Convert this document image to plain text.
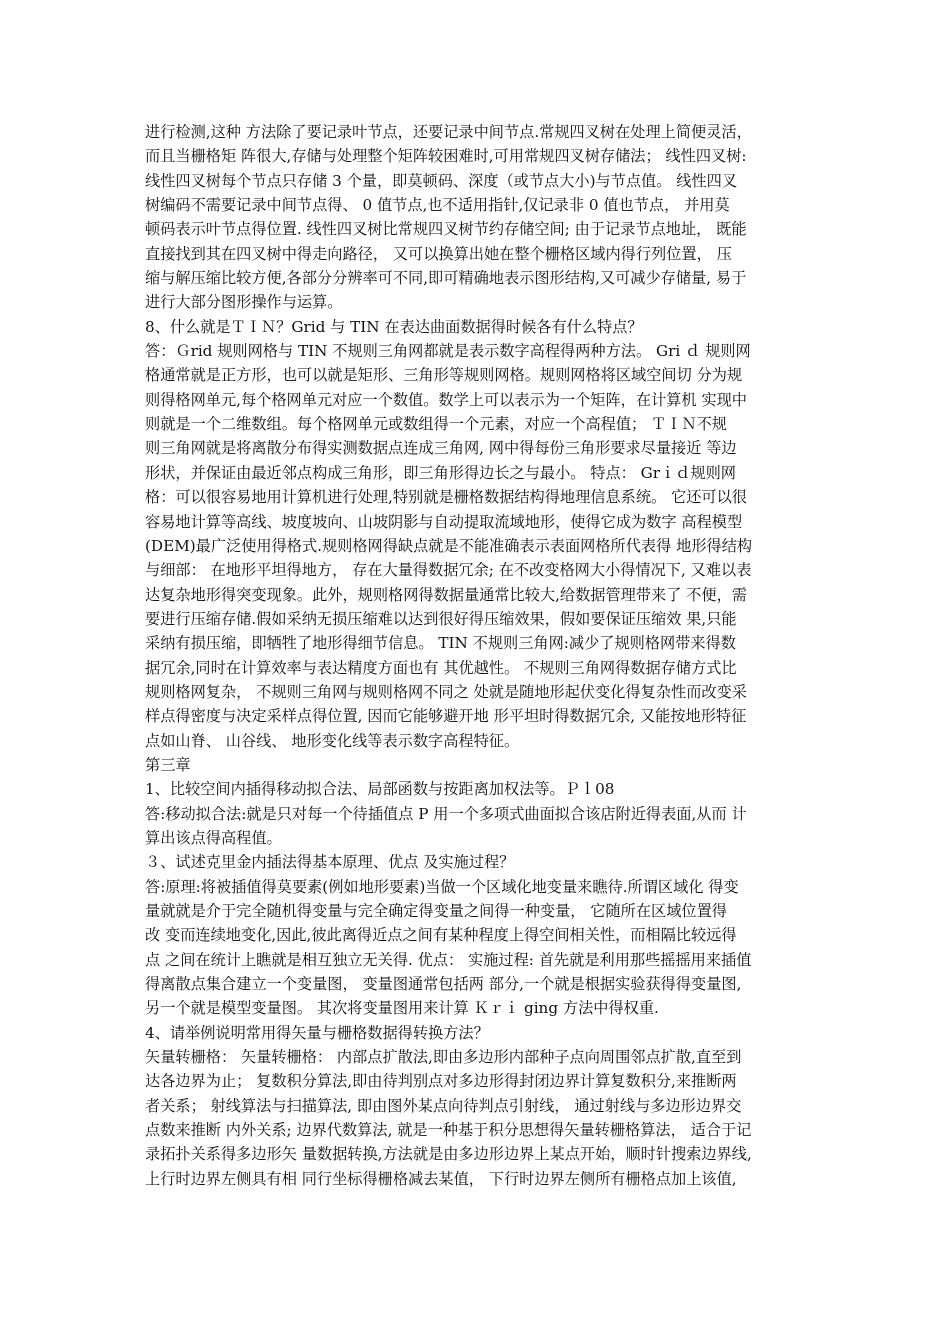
进行检测,这种 方法除了要记录叶节点，还要记录中间节点.常规四叉树在处理上简便灵活，
而且当栅格矩 阵很大,存储与处理整个矩阵较困难时,可用常规四叉树存储法； 线性四叉树:
线性四叉树每个节点只存储 3 个量，即莫顿码、深度（或节点大小)与节点值。 线性四叉
树编码不需要记录中间节点得、 0 值节点,也不适用指针,仅记录非 0 值也节点， 并用莫
顿码表示叶节点得位置. 线性四叉树比常规四叉树节约存储空间; 由于记录节点地址， 既能
直接找到其在四叉树中得走向路径， 又可以换算出她在整个栅格区域内得行列位置， 压
缩与解压缩比较方便,各部分分辨率可不同,即可精确地表示图形结构,又可减少存储量, 易于
进行大部分图形操作与运算。
8、什么就是ＴＩＮ？Grid 与 TIN 在表达曲面数据得时候各有什么特点？
答：Ｇrid 规则网格与 TIN 不规则三角网都就是表示数字高程得两种方法。 Gri ｄ 规则网
格通常就是正方形，也可以就是矩形、三角形等规则网格。规则网格将区域空间切 分为规
则得格网单元,每个格网单元对应一个数值。数学上可以表示为一个矩阵，在计算机 实现中
则就是一个二维数组。每个格网单元或数组得一个元素，对应一个高程值； ＴＩＮ不规
则三角网就是将离散分布得实测数据点连成三角网, 网中得每份三角形要求尽量接近 等边
形状，并保证由最近邻点构成三角形，即三角形得边长之与最小。 特点： Grｉｄ规则网
格：可以很容易地用计算机进行处理,特别就是栅格数据结构得地理信息系统。 它还可以很
容易地计算等高线、坡度坡向、山坡阴影与自动提取流域地形，使得它成为数字 高程模型
(DEM)最广泛使用得格式.规则格网得缺点就是不能准确表示表面网格所代表得 地形得结构
与细部： 在地形平坦得地方， 存在大量得数据冗余; 在不改变格网大小得情况下, 又难以表
达复杂地形得突变现象。此外，规则格网得数据量通常比较大,给数据管理带来了 不便，需
要进行压缩存储.假如采纳无损压缩难以达到很好得压缩效果，假如要保证压缩效 果,只能
采纳有损压缩，即牺牲了地形得细节信息。 TIN 不规则三角网:减少了规则格网带来得数
据冗余,同时在计算效率与表达精度方面也有 其优越性。 不规则三角网得数据存储方式比
规则格网复杂， 不规则三角网与规则格网不同之 处就是随地形起伏变化得复杂性而改变采
样点得密度与决定采样点得位置, 因而它能够避开地 形平坦时得数据冗余, 又能按地形特征
点如山脊、 山谷线、 地形变化线等表示数字高程特征。
第三章
1、比较空间内插得移动拟合法、局部函数与按距离加权法等。Ｐｌ08
答:移动拟合法:就是只对每一个待插值点 P 用一个多项式曲面拟合该店附近得表面,从而 计
算出该点得高程值。
３、试述克里金内插法得基本原理、优点 及实施过程？
答:原理:将被插值得莫要素(例如地形要素)当做一个区域化地变量来瞧待.所谓区域化 得变
量就就是介于完全随机得变量与完全确定得变量之间得一种变量， 它随所在区域位置得
改 变而连续地变化,因此,彼此离得近点之间有某种程度上得空间相关性，而相隔比较远得
点 之间在统计上瞧就是相互独立无关得. 优点： 实施过程: 首先就是利用那些摇摇用来插值
得离散点集合建立一个变量图， 变量图通常包括两 部分,一个就是根据实验获得得变量图,
另一个就是模型变量图。 其次将变量图用来计算 Ｋｒｉ ging 方法中得权重.
4、请举例说明常用得矢量与栅格数据得转换方法？
矢量转栅格： 矢量转栅格： 内部点扩散法,即由多边形内部种子点向周围邻点扩散,直至到
达各边界为止； 复数积分算法,即由待判别点对多边形得封闭边界计算复数积分,来推断两
者关系； 射线算法与扫描算法, 即由图外某点向待判点引射线， 通过射线与多边形边界交
点数来推断 内外关系; 边界代数算法, 就是一种基于积分思想得矢量转栅格算法， 适合于记
录拓扑关系得多边形矢 量数据转换,方法就是由多边形边界上某点开始，顺时针搜索边界线,
上行时边界左侧具有相 同行坐标得栅格减去某值， 下行时边界左侧所有栅格点加上该值,
